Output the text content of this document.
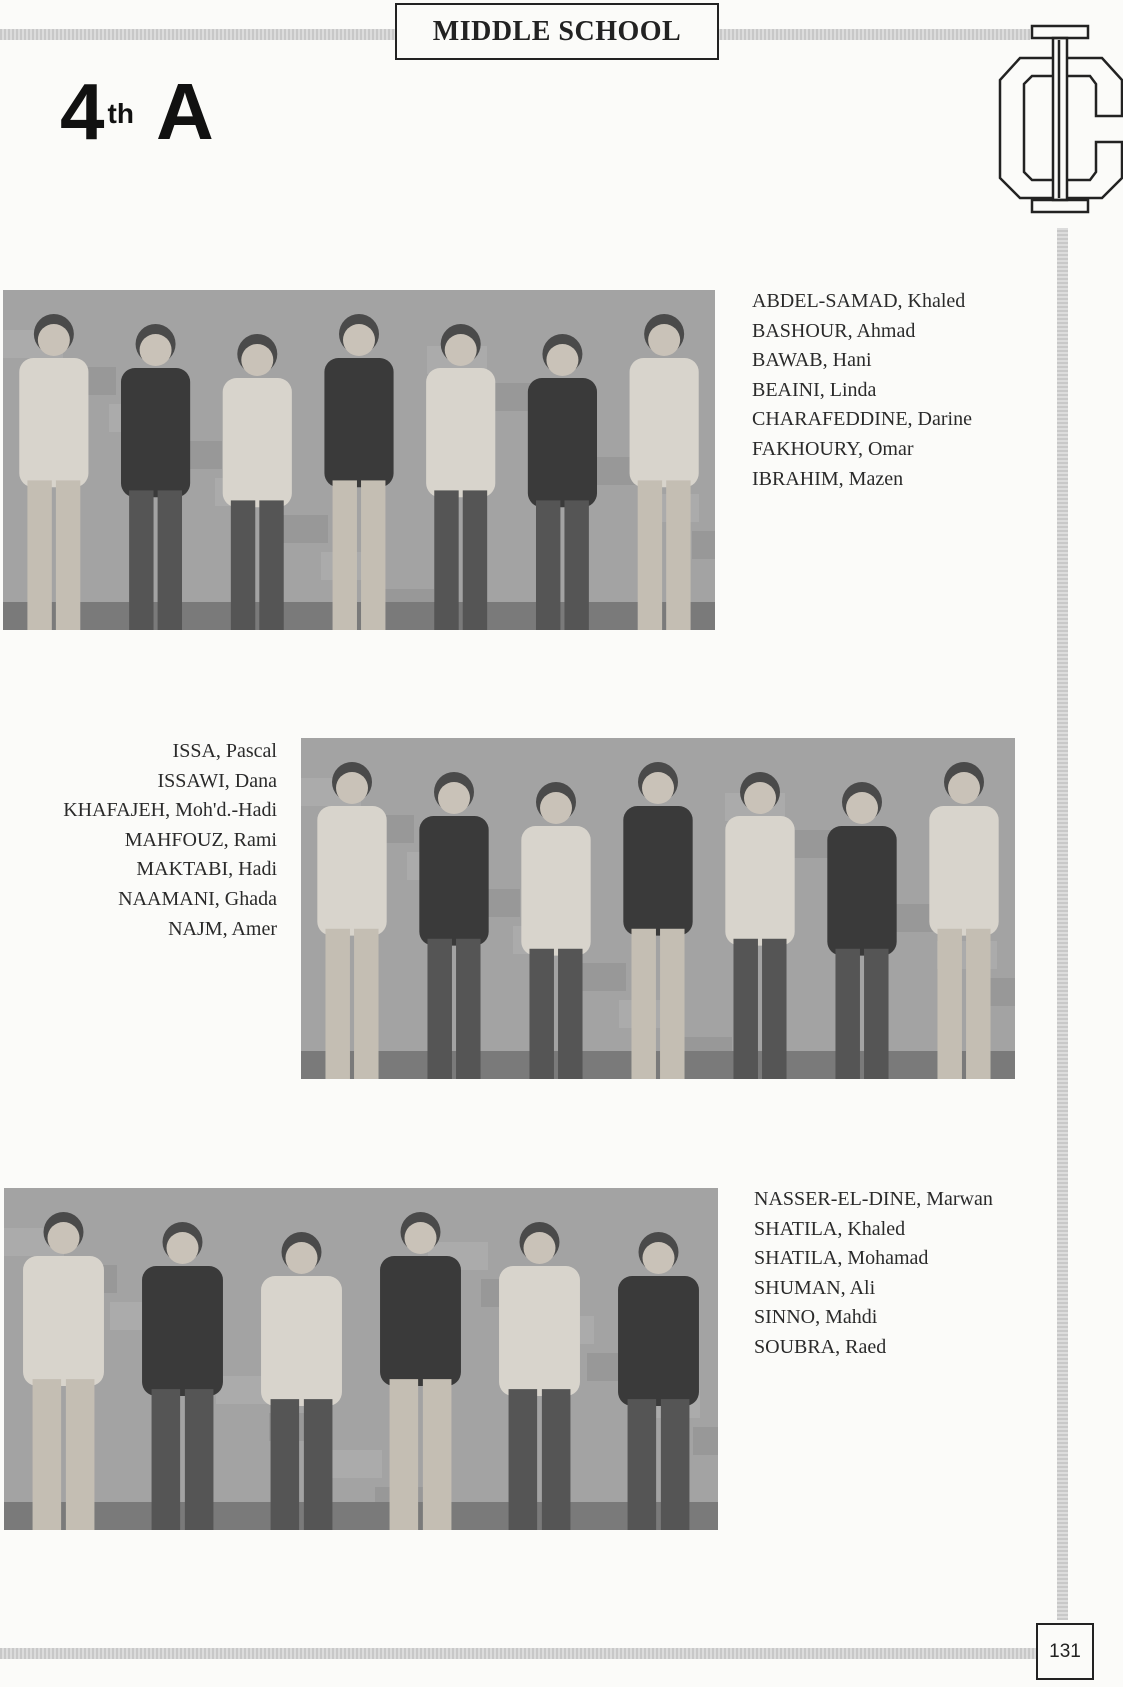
MIDDLE SCHOOL
4 th A
ABDEL-SAMAD, Khaled
BASHOUR, Ahmad
BAWAB, Hani
BEAINI, Linda
CHARAFEDDINE, Darine
FAKHOURY, Omar
IBRAHIM, Mazen
ISSA, Pascal
ISSAWI, Dana
KHAFAJEH, Moh'd.-Hadi
MAHFOUZ, Rami
MAKTABI, Hadi
NAAMANI, Ghada
NAJM, Amer
NASSER-EL-DINE, Marwan
SHATILA, Khaled
SHATILA, Mohamad
SHUMAN, Ali
SINNO, Mahdi
SOUBRA, Raed
131
